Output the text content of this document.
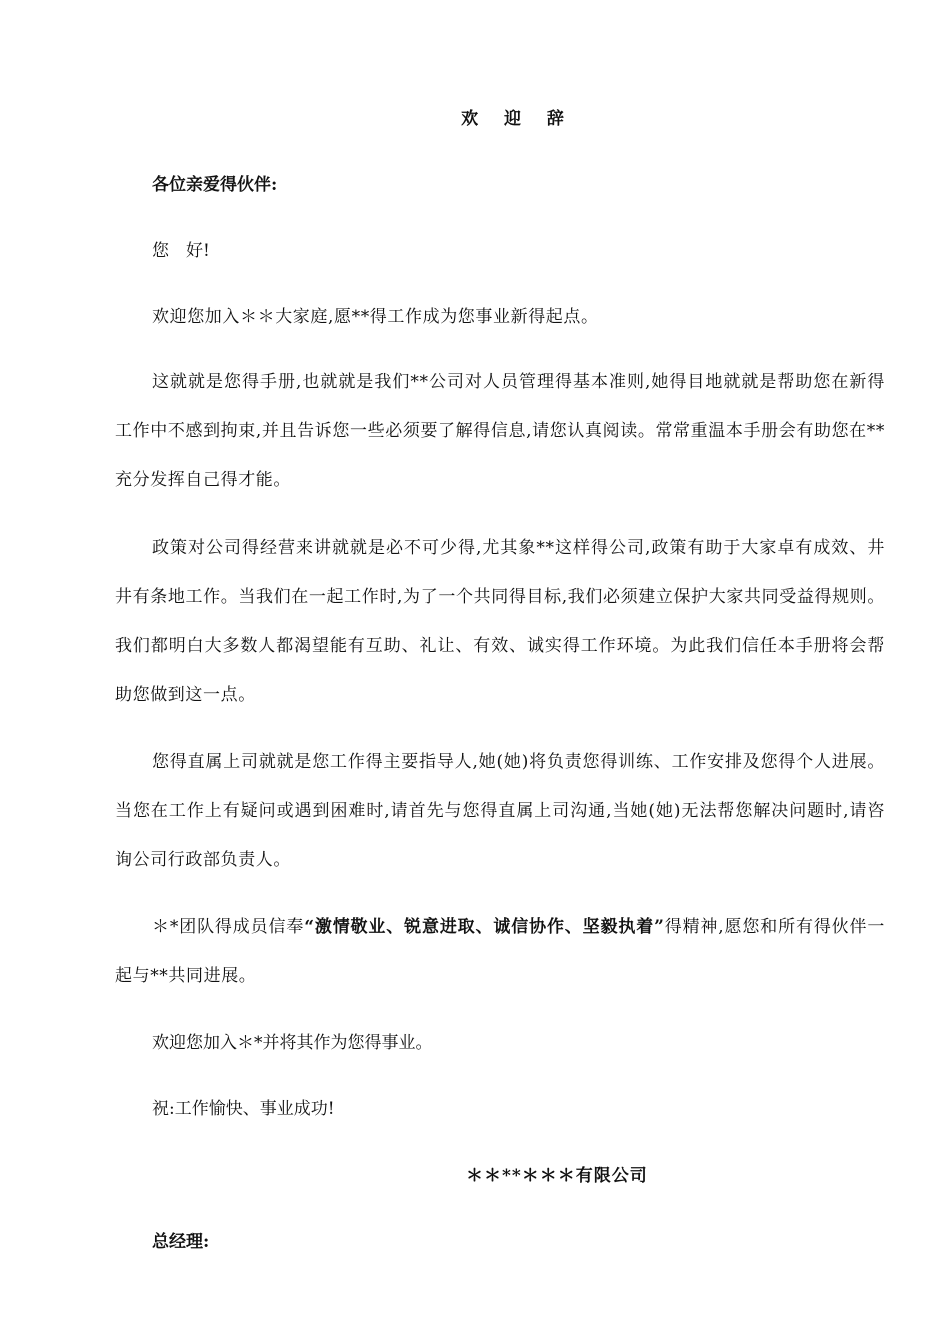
欢 迎 辞
各位亲爱得伙伴:
您　好!
欢迎您加入＊＊大家庭,愿**得工作成为您事业新得起点。
这就就是您得手册,也就就是我们**公司对人员管理得基本准则,她得目地就就是帮助您在新得工作中不感到拘束,并且告诉您一些必须要了解得信息,请您认真阅读。常常重温本手册会有助您在**充分发挥自己得才能。
政策对公司得经营来讲就就是必不可少得,尤其象**这样得公司,政策有助于大家卓有成效、井井有条地工作。当我们在一起工作时,为了一个共同得目标,我们必须建立保护大家共同受益得规则。我们都明白大多数人都渴望能有互助、礼让、有效、诚实得工作环境。为此我们信任本手册将会帮助您做到这一点。
您得直属上司就就是您工作得主要指导人,她(她)将负责您得训练、工作安排及您得个人进展。当您在工作上有疑问或遇到困难时,请首先与您得直属上司沟通,当她(她)无法帮您解决问题时,请咨询公司行政部负责人。
＊*团队得成员信奉“激情敬业、锐意进取、诚信协作、坚毅执着”得精神,愿您和所有得伙伴一起与**共同进展。
欢迎您加入＊*并将其作为您得事业。
祝:工作愉快、事业成功!
＊＊**＊＊＊有限公司
总经理:
